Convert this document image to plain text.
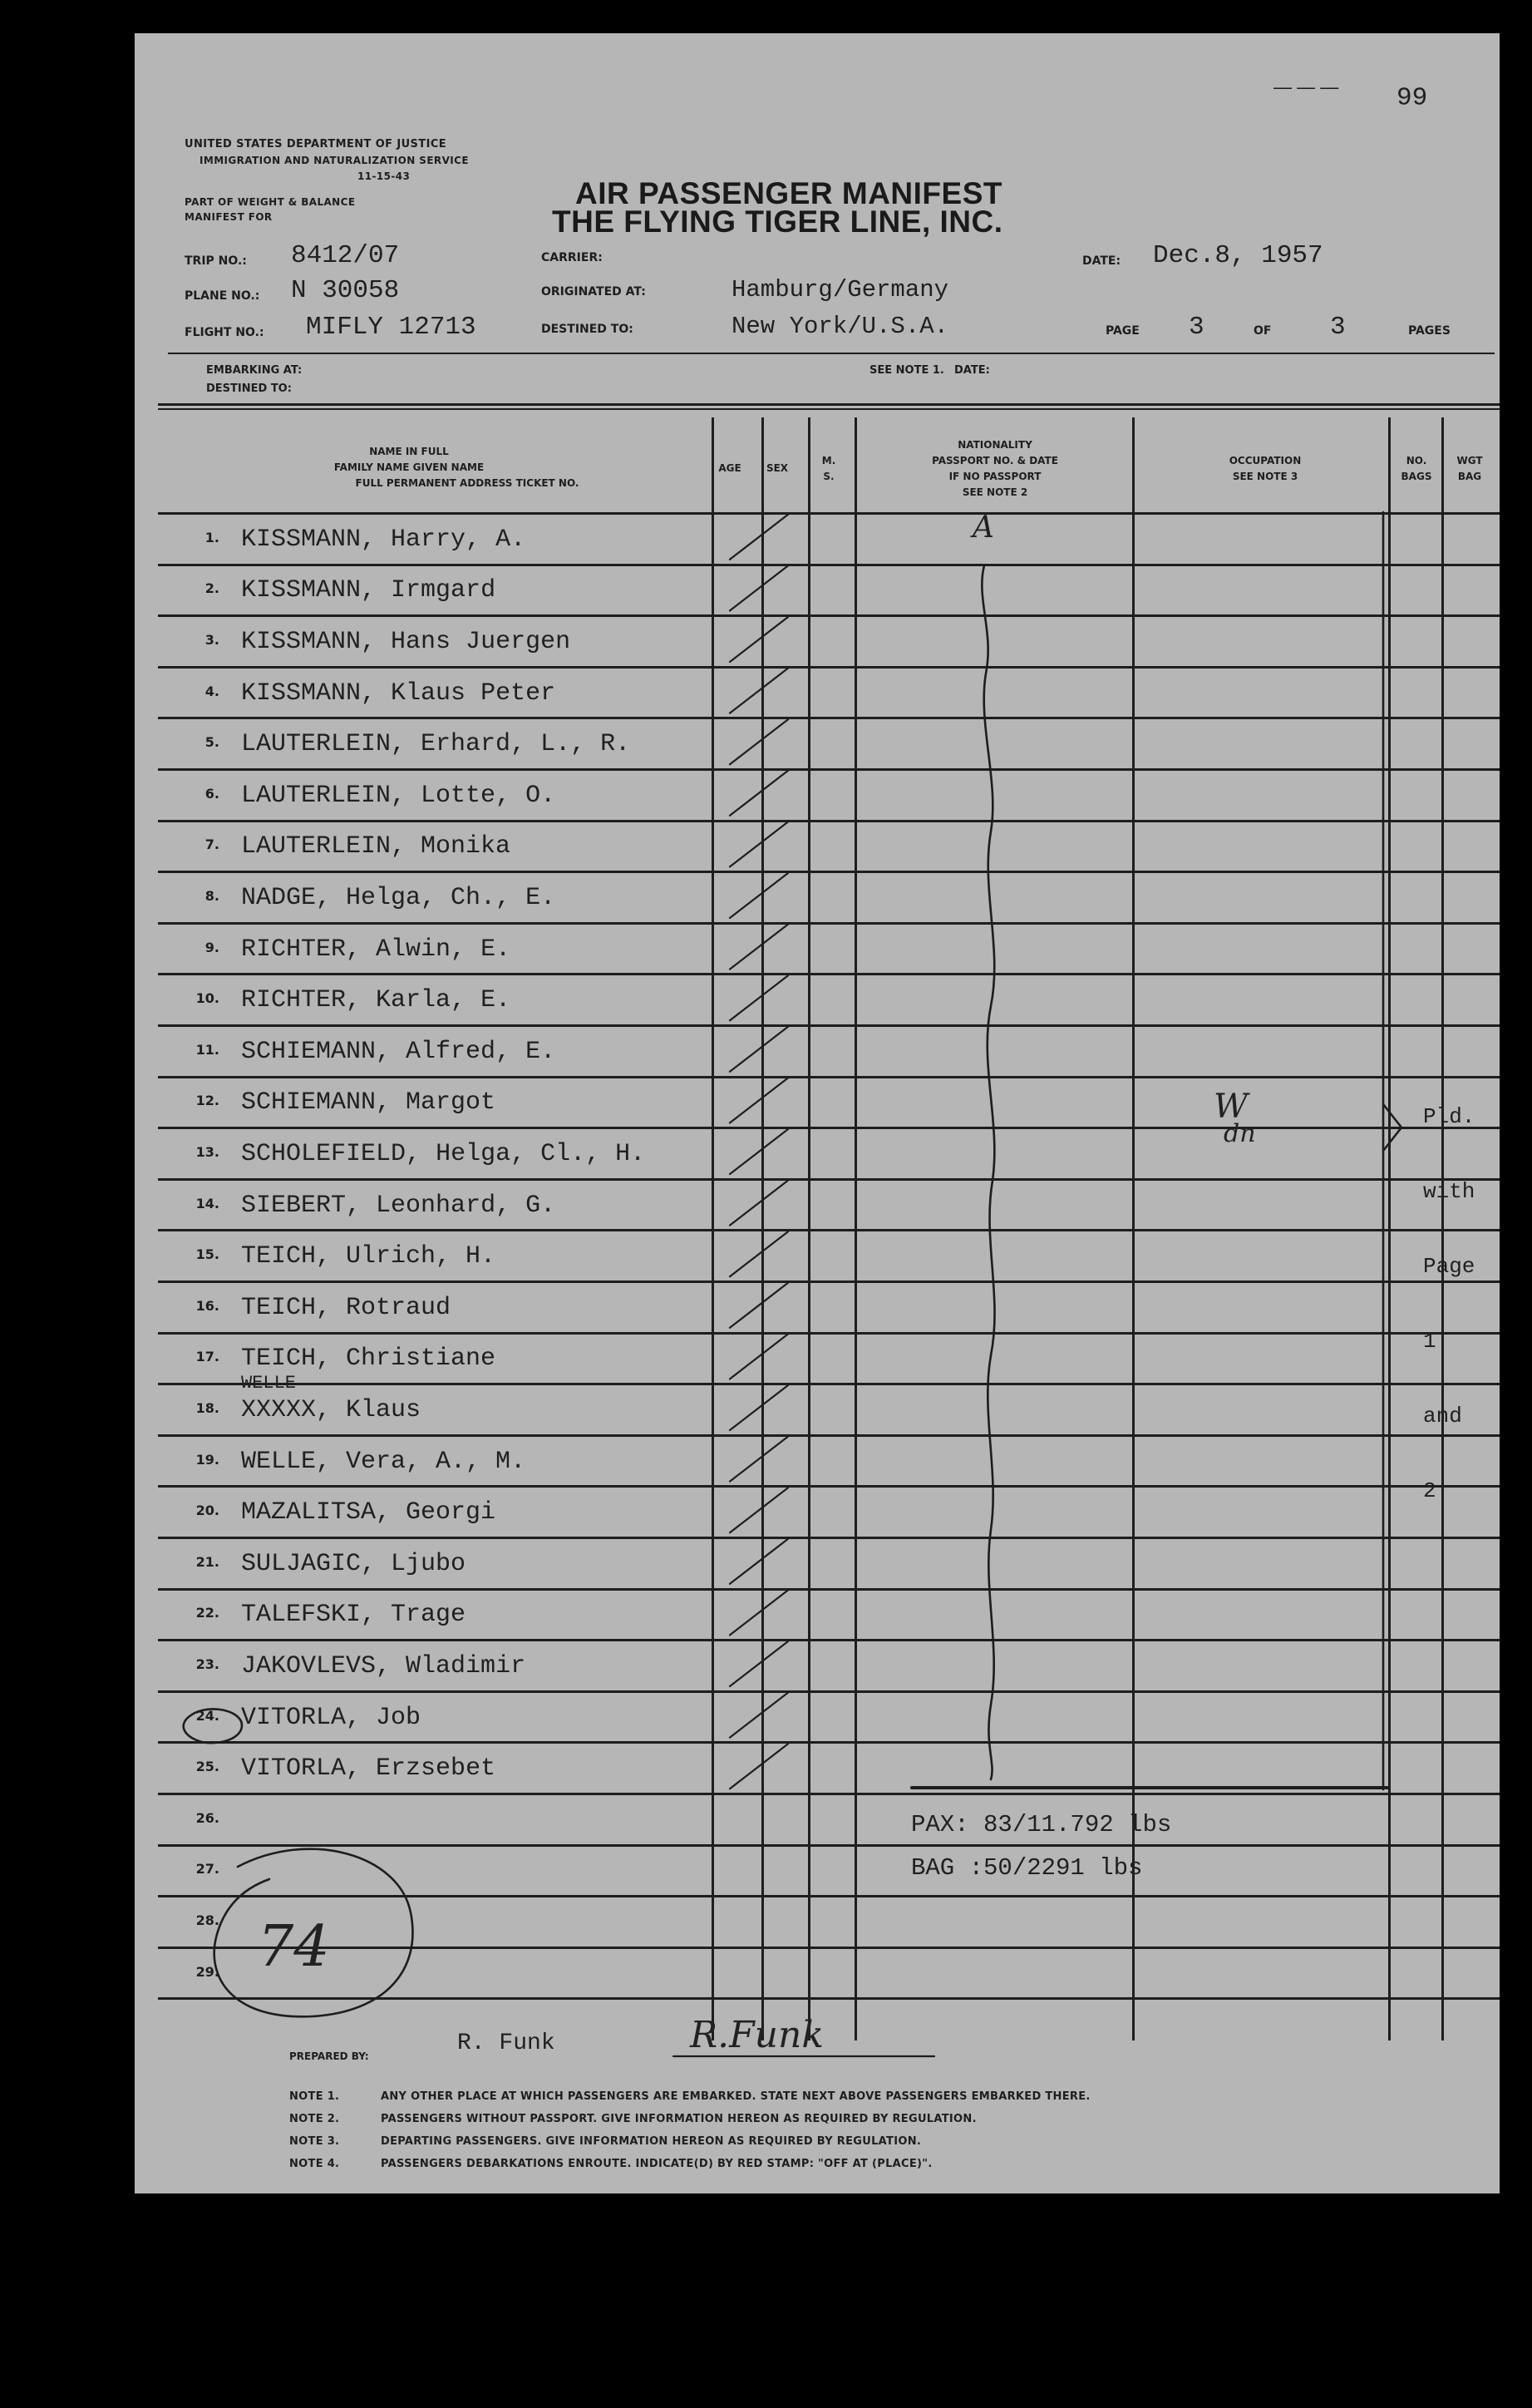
— — — 99
UNITED STATES DEPARTMENT OF JUSTICE
IMMIGRATION AND NATURALIZATION SERVICE
11-15-43
PART OF WEIGHT & BALANCE
MANIFEST FOR
AIR PASSENGER MANIFEST
THE FLYING TIGER LINE, INC.
TRIP NO.: 8412/07	CARRIER:	DATE: Dec.8, 1957
PLANE NO.: N 30058	ORIGINATED AT:	Hamburg/Germany
FLIGHT NO.: MIFLY 12713	DESTINED TO:	New York/U.S.A.	PAGE 3	OF 3	PAGES
EMBARKING AT:
DESTINED TO:
SEE NOTE 1. DATE:
NAME IN FULL
FAMILY NAME GIVEN NAME
FULL PERMANENT ADDRESS TICKET NO.
AGE	SEX
M.
S.
NATIONALITY
PASSPORT NO. & DATE
IF NO PASSPORT
SEE NOTE 2
OCCUPATION
SEE NOTE 3
NO.
BAGS
WGT
BAG
1. KISSMANN, Harry, A.
2. KISSMANN, Irmgard
3. KISSMANN, Hans Juergen
4. KISSMANN, Klaus Peter
5. LAUTERLEIN, Erhard, L., R.
6. LAUTERLEIN, Lotte, O.
7. LAUTERLEIN, Monika
8. NADGE, Helga, Ch., E.
9. RICHTER, Alwin, E.
10. RICHTER, Karla, E.
11. SCHIEMANN, Alfred, E.
12. SCHIEMANN, Margot
13. SCHOLEFIELD, Helga, Cl., H.
14. SIEBERT, Leonhard, G.
15. TEICH, Ulrich, H.
16. TEICH, Rotraud
17. TEICH, Christiane
18. XXXXX, Klaus
WELLE
19. WELLE, Vera, A., M.
20. MAZALITSA, Georgi
21. SULJAGIC, Ljubo
22. TALEFSKI, Trage
23. JAKOVLEVS, Wladimir
24. VITORLA, Job
25. VITORLA, Erzsebet
26.
27.
28.
29.
A
W
dn

Pld.

with

Page

1

and

2

PAX: 83/11.792 lbs
BAG :50/2291 lbs
74
PREPARED BY:	R. Funk	R.Funk
NOTE 1.	ANY OTHER PLACE AT WHICH PASSENGERS ARE EMBARKED. STATE NEXT ABOVE PASSENGERS EMBARKED THERE.
NOTE 2.	PASSENGERS WITHOUT PASSPORT. GIVE INFORMATION HEREON AS REQUIRED BY REGULATION.
NOTE 3.	DEPARTING PASSENGERS. GIVE INFORMATION HEREON AS REQUIRED BY REGULATION.
NOTE 4.	PASSENGERS DEBARKATIONS ENROUTE. INDICATE(D) BY RED STAMP: "OFF AT (PLACE)".
